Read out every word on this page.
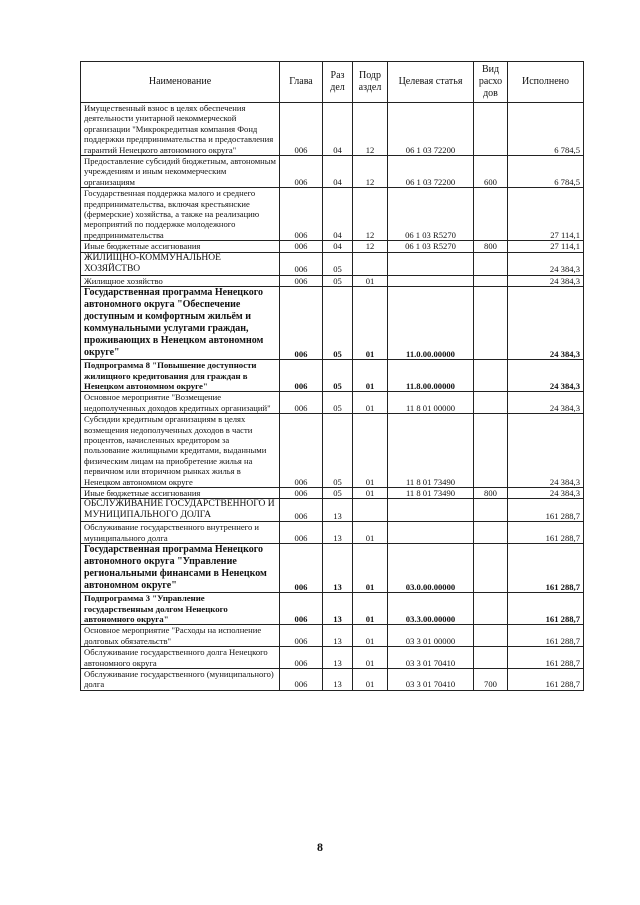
Наименование	Глава	Раз дел	Подр аздел	Целевая статья	Вид расхо дов	Исполнено
Имущественный взнос в целях обеспечения деятельности унитарной некоммерческой организации "Микрокредитная компания Фонд поддержки предпринимательства и предоставления гарантий Ненецкого автономного округа"	006	04	12	06 1 03 72200		6 784,5
Предоставление субсидий бюджетным, автономным учреждениям и иным некоммерческим организациям	006	04	12	06 1 03 72200	600	6 784,5
Государственная поддержка малого и среднего предпринимательства, включая крестьянские (фермерские) хозяйства, а также на реализацию мероприятий по поддержке молодежного предпринимательства	006	04	12	06 1 03 R5270		27 114,1
Иные бюджетные ассигнования	006	04	12	06 1 03 R5270	800	27 114,1
ЖИЛИЩНО-КОММУНАЛЬНОЕ ХОЗЯЙСТВО	006	05				24 384,3
Жилищное хозяйство	006	05	01			24 384,3
Государственная программа Ненецкого автономного округа "Обеспечение доступным и комфортным жильём и коммунальными услугами граждан, проживающих в Ненецком автономном округе"	006	05	01	11.0.00.00000		24 384,3
Подпрограмма 8 "Повышение доступности жилищного кредитования для граждан в Ненецком автономном округе"	006	05	01	11.8.00.00000		24 384,3
Основное мероприятие "Возмещение недополученных доходов кредитных организаций"	006	05	01	11 8 01 00000		24 384,3
Субсидии кредитным организациям в целях возмещения недополученных доходов в части процентов, начисленных кредитором за пользование жилищными кредитами, выданными физическим лицам на приобретение жилья на первичном или вторичном рынках жилья в Ненецком автономном округе	006	05	01	11 8 01 73490		24 384,3
Иные бюджетные ассигнования	006	05	01	11 8 01 73490	800	24 384,3
ОБСЛУЖИВАНИЕ ГОСУДАРСТВЕННОГО И МУНИЦИПАЛЬНОГО ДОЛГА	006	13				161 288,7
Обслуживание государственного внутреннего и муниципального долга	006	13	01			161 288,7
Государственная программа Ненецкого автономного округа "Управление региональными финансами в Ненецком автономном округе"	006	13	01	03.0.00.00000		161 288,7
Подпрограмма 3 "Управление государственным долгом Ненецкого автономного округа"	006	13	01	03.3.00.00000		161 288,7
Основное мероприятие "Расходы на исполнение долговых обязательств"	006	13	01	03 3 01 00000		161 288,7
Обслуживание государственного долга Ненецкого автономного округа	006	13	01	03 3 01 70410		161 288,7
Обслуживание государственного (муниципального) долга	006	13	01	03 3 01 70410	700	161 288,7
8
